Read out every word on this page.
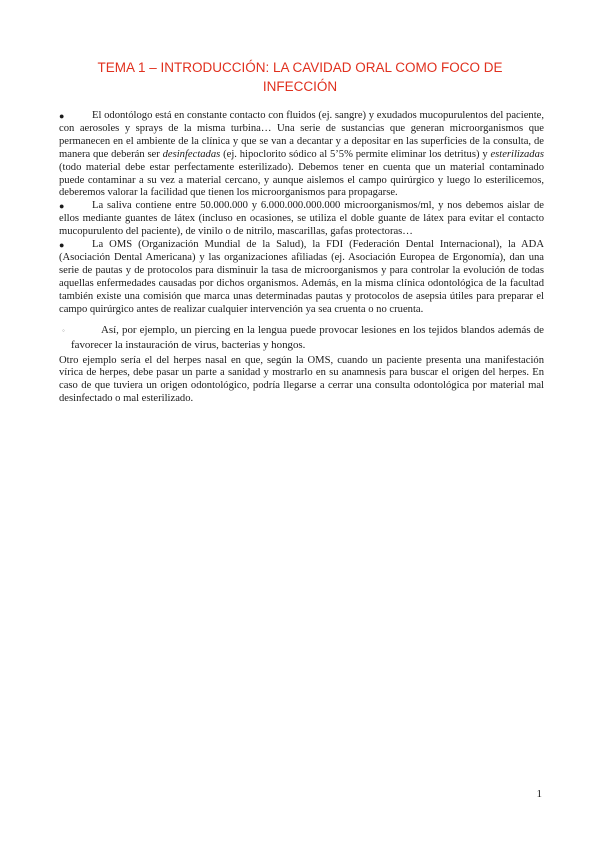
TEMA 1 – INTRODUCCIÓN: LA CAVIDAD ORAL COMO FOCO DE INFECCIÓN

●	El odontólogo está en constante contacto con fluidos (ej. sangre) y exudados mucopurulentos del paciente, con aerosoles y sprays de la misma turbina… Una serie de sustancias que generan microorganismos que permanecen en el ambiente de la clínica y que se van a decantar y a depositar en las superficies de la consulta, de manera que deberán ser desinfectadas (ej. hipoclorito sódico al 5’5% permite eliminar los detritus) y esterilizadas (todo material debe estar perfectamente esterilizado). Debemos tener en cuenta que un material contaminado puede contaminar a su vez a material cercano, y aunque aislemos el campo quirúrgico y luego lo esterilicemos, deberemos valorar la facilidad que tienen los microorganismos para propagarse.

●	La saliva contiene entre 50.000.000 y 6.000.000.000.000 microorganismos/ml, y nos debemos aislar de ellos mediante guantes de látex (incluso en ocasiones, se utiliza el doble guante de látex para evitar el contacto mucopurulento del paciente), de vinilo o de nitrilo, mascarillas, gafas protectoras…

●	La OMS (Organización Mundial de la Salud), la FDI (Federación Dental Internacional), la ADA (Asociación Dental Americana) y las organizaciones afiliadas (ej. Asociación Europea de Ergonomía), dan una serie de pautas y de protocolos para disminuir la tasa de microorganismos y para controlar la evolución de todas aquellas enfermedades causadas por dichos organismos. Además, en la misma clínica odontológica de la facultad también existe una comisión que marca unas determinadas pautas y protocolos de asepsia útiles para preparar el campo quirúrgico antes de realizar cualquier intervención ya sea cruenta o no cruenta.

◦	Así, por ejemplo, un piercing en la lengua puede provocar lesiones en los tejidos blandos además de favorecer la instauración de virus, bacterias y hongos.

Otro ejemplo sería el del herpes nasal en que, según la OMS, cuando un paciente presenta una manifestación vírica de herpes, debe pasar un parte a sanidad y mostrarlo en su anamnesis para buscar el origen del herpes. En caso de que tuviera un origen odontológico, podría llegarse a cerrar una consulta odontológica por material mal desinfectado o mal esterilizado.

1
